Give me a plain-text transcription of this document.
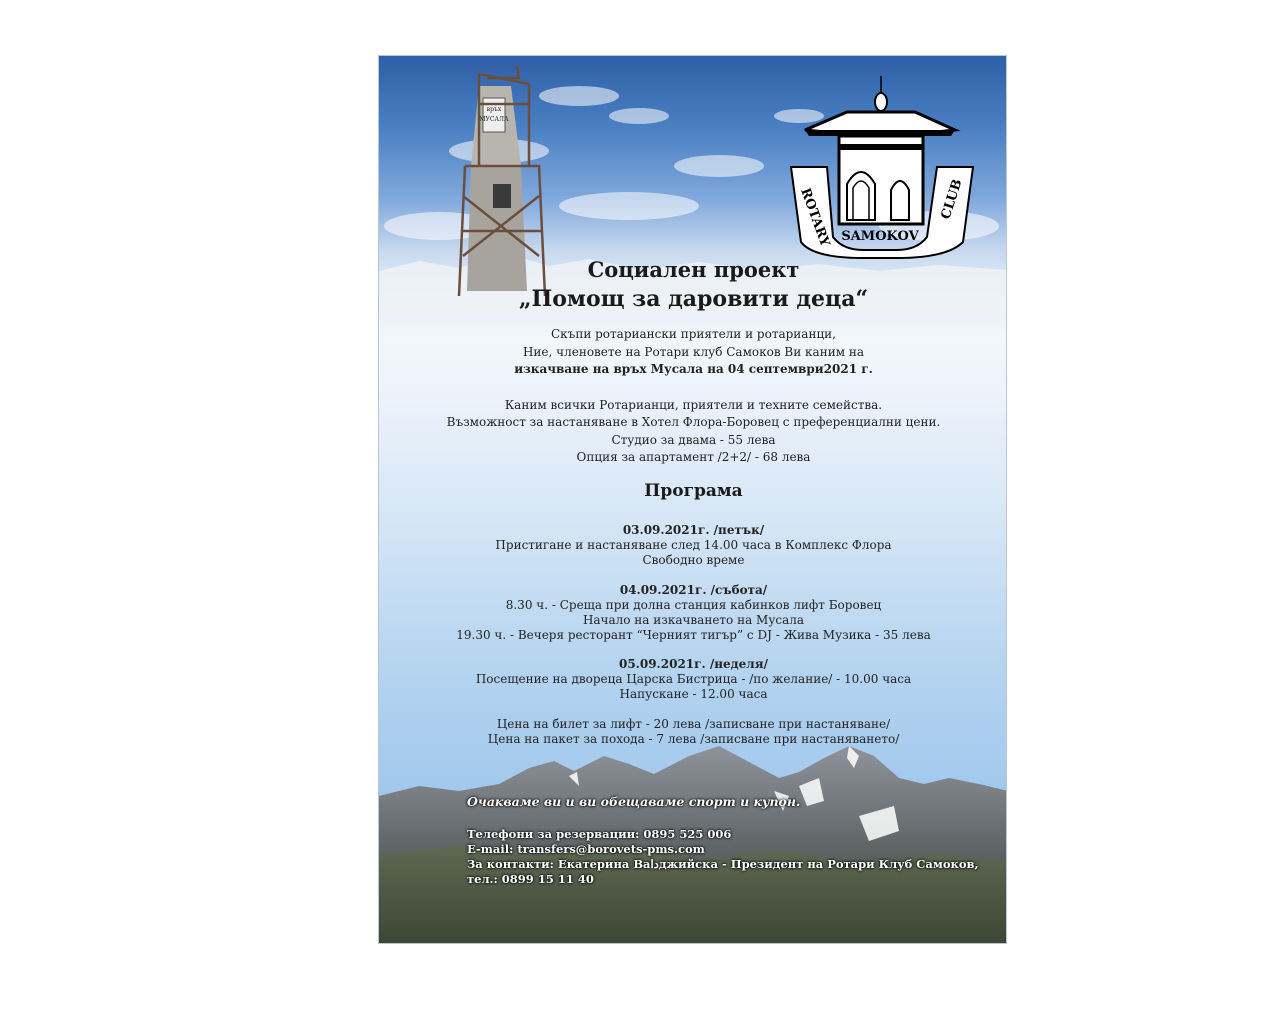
връх
МУСАЛА
ROTARY SAMOKOV
CLUB
Социален проект
„Помощ за даровити деца“
Скъпи ротариански приятели и ротарианци,
Ние, членовете на Ротари клуб Самоков Ви каним на
изкачване на връх Мусала на 04 септември2021 г.
Каним всички Ротарианци, приятели и техните семейства.
Възможност за настаняване в Хотел Флора-Боровец с преференциални цени.
Студио за двама - 55 лева
Опция за апартамент /2+2/ - 68 лева
Програма
03.09.2021г. /петък/
Пристигане и настаняване след 14.00 часа в Комплекс Флора
Свободно време
04.09.2021г. /събота/
8.30 ч. - Среща при долна станция кабинков лифт Боровец
Начало на изкачването на Мусала
19.30 ч. - Вечеря ресторант “Черният тигър” с DJ - Жива Музика - 35 лева
05.09.2021г. /неделя/
Посещение на двореца Царска Бистрица - /по желание/ - 10.00 часа
Напускане - 12.00 часа
Цена на билет за лифт - 20 лева /записване при настаняване/
Цена на пакет за похода - 7 лева /записване при настаняването/
Очакваме ви и ви обещаваме спорт и купон.
Телефони за резервации: 0895 525 006
E-mail: transfers@borovets-pms.com
За контакти: Екатерина Ваداджийска - Президент на Ротари Клуб Самоков,
тел.: 0899 15 11 40
